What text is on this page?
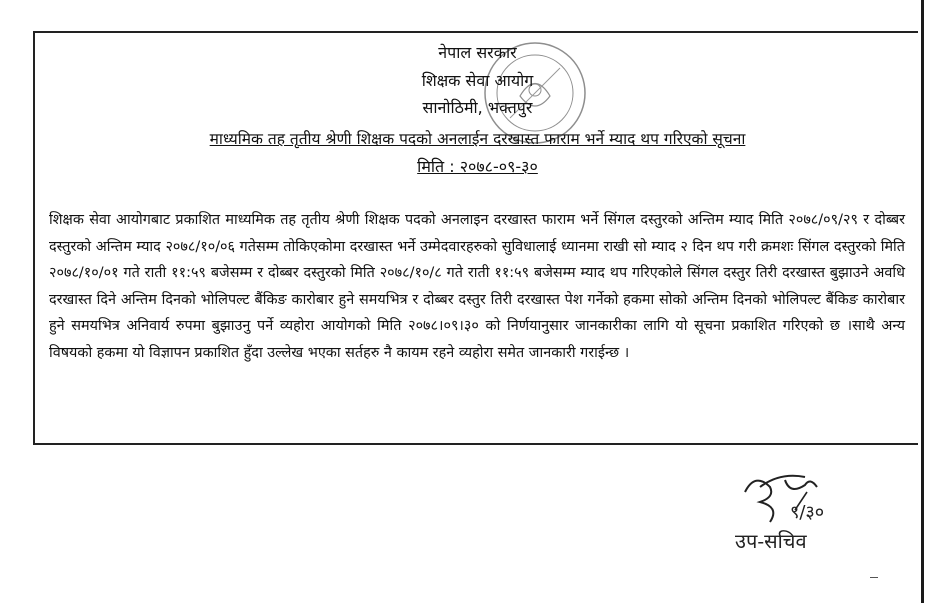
नेपाल सरकार
शिक्षक सेवा आयोग
सानोठिमी, भक्तपुर
माध्यमिक तह तृतीय श्रेणी शिक्षक पदको अनलाईन दरखास्त फाराम भर्ने म्याद थप गरिएको सूचना
मिति : २०७८-०९-३०

शिक्षक सेवा आयोगबाट प्रकाशित माध्यमिक तह तृतीय श्रेणी शिक्षक पदको अनलाइन दरखास्त फाराम भर्ने सिंगल दस्तुरको अन्तिम म्याद मिति २०७८/०९/२९ र दोब्बर दस्तुरको अन्तिम म्याद २०७८/१०/०६ गतेसम्म तोकिएकोमा दरखास्त भर्ने उम्मेदवारहरुको सुविधालाई ध्यानमा राखी सो म्याद २ दिन थप गरी क्रमशः सिंगल दस्तुरको मिति २०७८/१०/०१ गते राती ११:५९ बजेसम्म र दोब्बर दस्तुरको मिति २०७८/१०/८ गते राती ११:५९ बजेसम्म म्याद थप गरिएकोले सिंगल दस्तुर तिरी दरखास्त बुझाउने अवधि दरखास्त दिने अन्तिम दिनको भोलिपल्ट बैंकिङ कारोबार हुने समयभित्र र दोब्बर दस्तुर तिरी दरखास्त पेश गर्नेको हकमा सोको अन्तिम दिनको भोलिपल्ट बैंकिङ कारोबार हुने समयभित्र अनिवार्य रुपमा बुझाउनु पर्ने व्यहोरा आयोगको मिति २०७८।०९।३० को निर्णयानुसार जानकारीका लागि यो सूचना प्रकाशित गरिएको छ ।साथै अन्य विषयको हकमा यो विज्ञापन प्रकाशित हुँदा उल्लेख भएका सर्तहरु नै कायम रहने व्यहोरा समेत जानकारी गराईन्छ ।

९/३०
उप-सचिव
